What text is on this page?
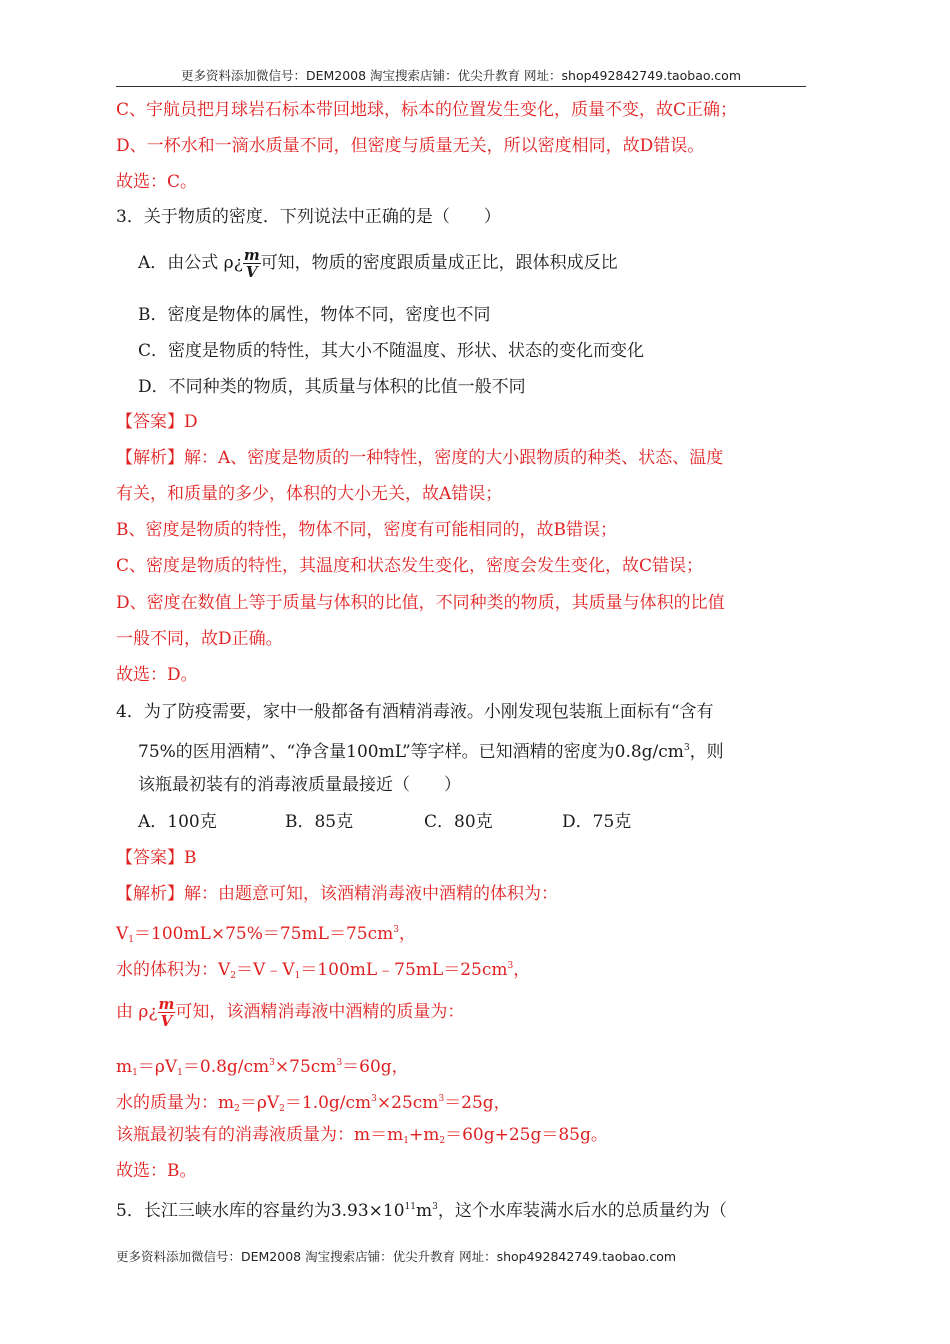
更多资料添加微信号：DEM2008 淘宝搜索店铺：优尖升教育 网址：shop492842749.taobao.com
C、宇航员把月球岩石标本带回地球，标本的位置发生变化，质量不变，故C正确；
D、一杯水和一滴水质量不同，但密度与质量无关，所以密度相同，故D错误。
故选：C。
3．关于物质的密度．下列说法中正确的是（　　）
A．由公式 ρ¿ $\frac{m}{V}$ 可知，物质的密度跟质量成正比，跟体积成反比
B．密度是物体的属性，物体不同，密度也不同
C．密度是物质的特性，其大小不随温度、形状、状态的变化而变化
D．不同种类的物质，其质量与体积的比值一般不同
【答案】D
【解析】解：A、密度是物质的一种特性，密度的大小跟物质的种类、状态、温度
有关，和质量的多少，体积的大小无关，故A错误；
B、密度是物质的特性，物体不同，密度有可能相同的，故B错误；
C、密度是物质的特性，其温度和状态发生变化，密度会发生变化，故C错误；
D、密度在数值上等于质量与体积的比值，不同种类的物质，其质量与体积的比值
一般不同，故D正确。
故选：D。
4．为了防疫需要，家中一般都备有酒精消毒液。小刚发现包装瓶上面标有“含有
75%的医用酒精”、“净含量100mL”等字样。已知酒精的密度为$0.8g/cm^3$，则
该瓶最初装有的消毒液质量最接近（　　）
A．100克	B．85克	C．80克	D．75克
【答案】B
【解析】解：由题意可知，该酒精消毒液中酒精的体积为：
$V_1=100mL\times 75\%=75mL=75cm^3$，
水的体积为：$V_2=V﹣V_1=100mL﹣75mL=25cm^3$，
由 ρ¿ $\frac{m}{V}$ 可知，该酒精消毒液中酒精的质量为：
$m_1=\rho V_1=0.8g/cm^3\times 75cm^3=60g$，
水的质量为：$m_2=\rho V_2=1.0g/cm^3\times 25cm^3=25g$，
该瓶最初装有的消毒液质量为：$m=m_1+m_2=60g+25g=85g$。
故选：B。
5．长江三峡水库的容量约为$3.93\times 10^{11}m^3$，这个水库装满水后水的总质量约为（
更多资料添加微信号：DEM2008 淘宝搜索店铺：优尖升教育 网址：shop492842749.taobao.com
